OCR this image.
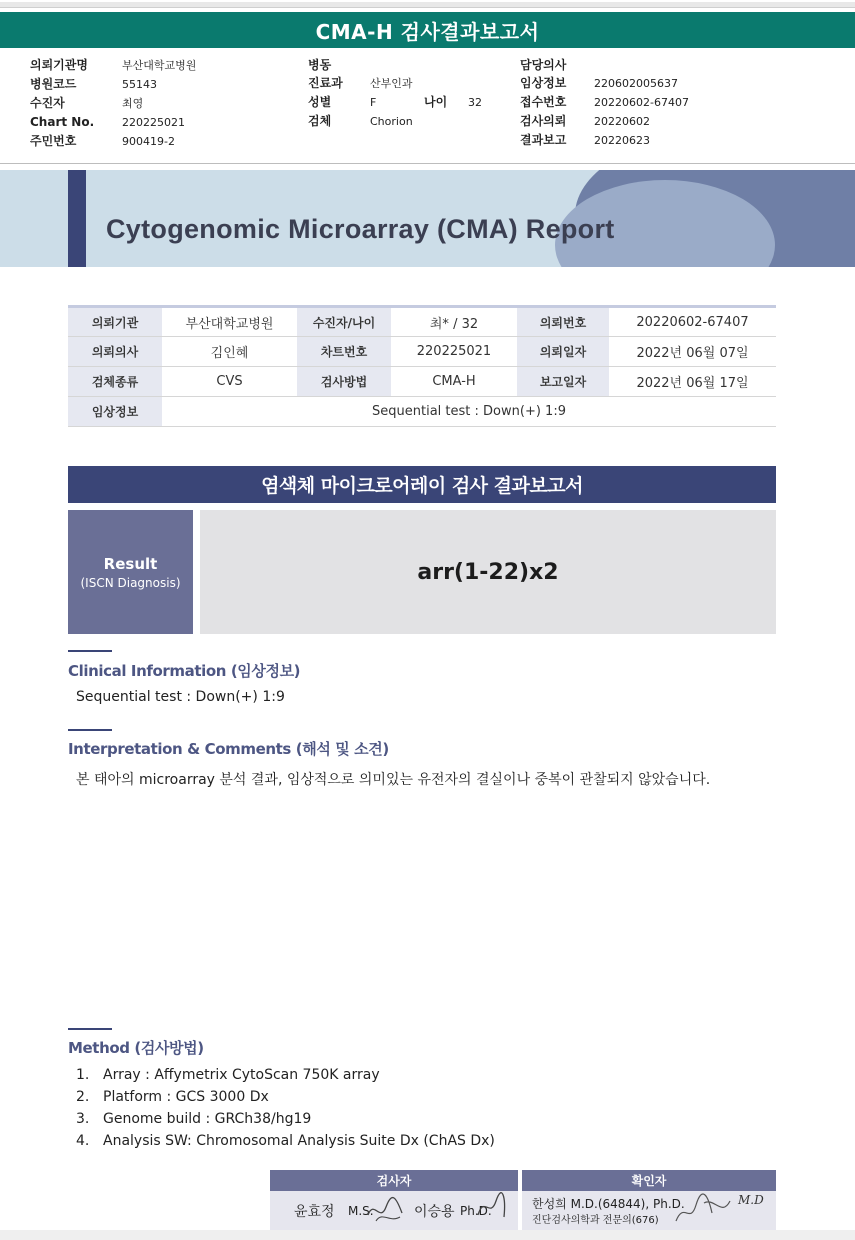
CMA-H 검사결과보고서
의뢰기관명	부산대학교병원
병원코드	55143
수진자	최영
Chart No.	220225021
주민번호	900419-2
병동
진료과 산부인과
성별	F	나이 32
검체	Chorion
담당의사
임상정보	220602005637
접수번호	20220602-67407
검사의뢰	20220602
결과보고	20220623
Cytogenomic Microarray (CMA) Report
의뢰기관	부산대학교병원	수진자/나이	최* / 32	의뢰번호	20220602-67407
의뢰의사	김인혜	차트번호	220225021	의뢰일자	2022년 06월 07일
검체종류	CVS	검사방법	CMA-H	보고일자	2022년 06월 17일
임상정보	Sequential test : Down(+) 1:9				
염색체 마이크로어레이 검사 결과보고서
Result
(ISCN Diagnosis)	arr(1-22)x2
Clinical Information (임상정보)
Sequential test : Down(+) 1:9
Interpretation & Comments (해석 및 소견)
본 태아의 microarray 분석 결과, 임상적으로 의미있는 유전자의 결실이나 중복이 관찰되지 않았습니다.
Method (검사방법)
1. Array : Affymetrix CytoScan 750K array
2. Platform : GCS 3000 Dx
3. Genome build : GRCh38/hg19
4. Analysis SW: Chromosomal Analysis Suite Dx (ChAS Dx)
검사자
윤효정 M.S.	이승용 Ph.D.
확인자
한성희 M.D.(64844), Ph.D.
진단검사의학과 전문의(676)
M.D
